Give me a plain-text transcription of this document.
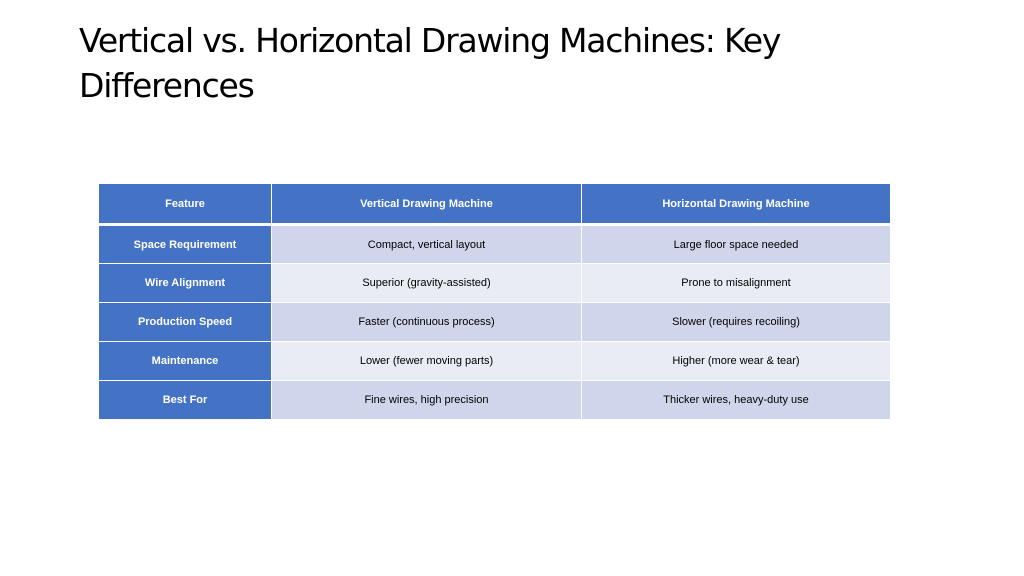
Vertical vs. Horizontal Drawing Machines: Key Differences
Feature	Vertical Drawing Machine	Horizontal Drawing Machine
Space Requirement	Compact, vertical layout	Large floor space needed
Wire Alignment	Superior (gravity-assisted)	Prone to misalignment
Production Speed	Faster (continuous process)	Slower (requires recoiling)
Maintenance	Lower (fewer moving parts)	Higher (more wear & tear)
Best For	Fine wires, high precision	Thicker wires, heavy-duty use
